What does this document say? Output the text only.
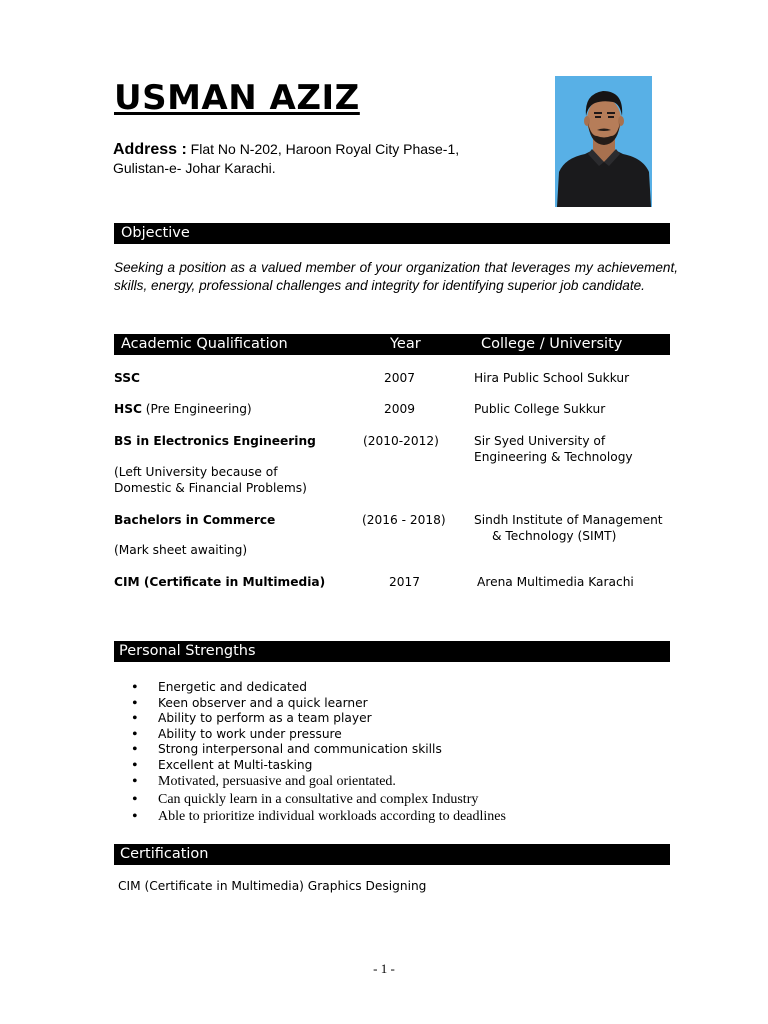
USMAN AZIZ
Address : Flat No N-202, Haroon Royal City Phase-1,
Gulistan-e- Johar Karachi.
Objective
Seeking a position as a valued member of your organization that leverages my achievement, skills, energy, professional challenges and integrity for identifying superior job candidate.
Academic Qualification	Year	College / University
SSC	2007	Hira Public School Sukkur
HSC (Pre Engineering)	2009	Public College Sukkur
BS in Electronics Engineering	(2010-2012)	Sir Syed University of
Engineering & Technology
(Left University because of
Domestic & Financial Problems)
Bachelors in Commerce	(2016 - 2018) Sindh Institute of Management
& Technology (SIMT)
(Mark sheet awaiting)
CIM (Certificate in Multimedia)	2017	Arena Multimedia Karachi
Personal Strengths
• Energetic and dedicated
• Keen observer and a quick learner
• Ability to perform as a team player
• Ability to work under pressure
• Strong interpersonal and communication skills
• Excellent at Multi-tasking
• Motivated, persuasive and goal orientated.
• Can quickly learn in a consultative and complex Industry
• Able to prioritize individual workloads according to deadlines
Certification
CIM (Certificate in Multimedia) Graphics Designing
- 1 -
